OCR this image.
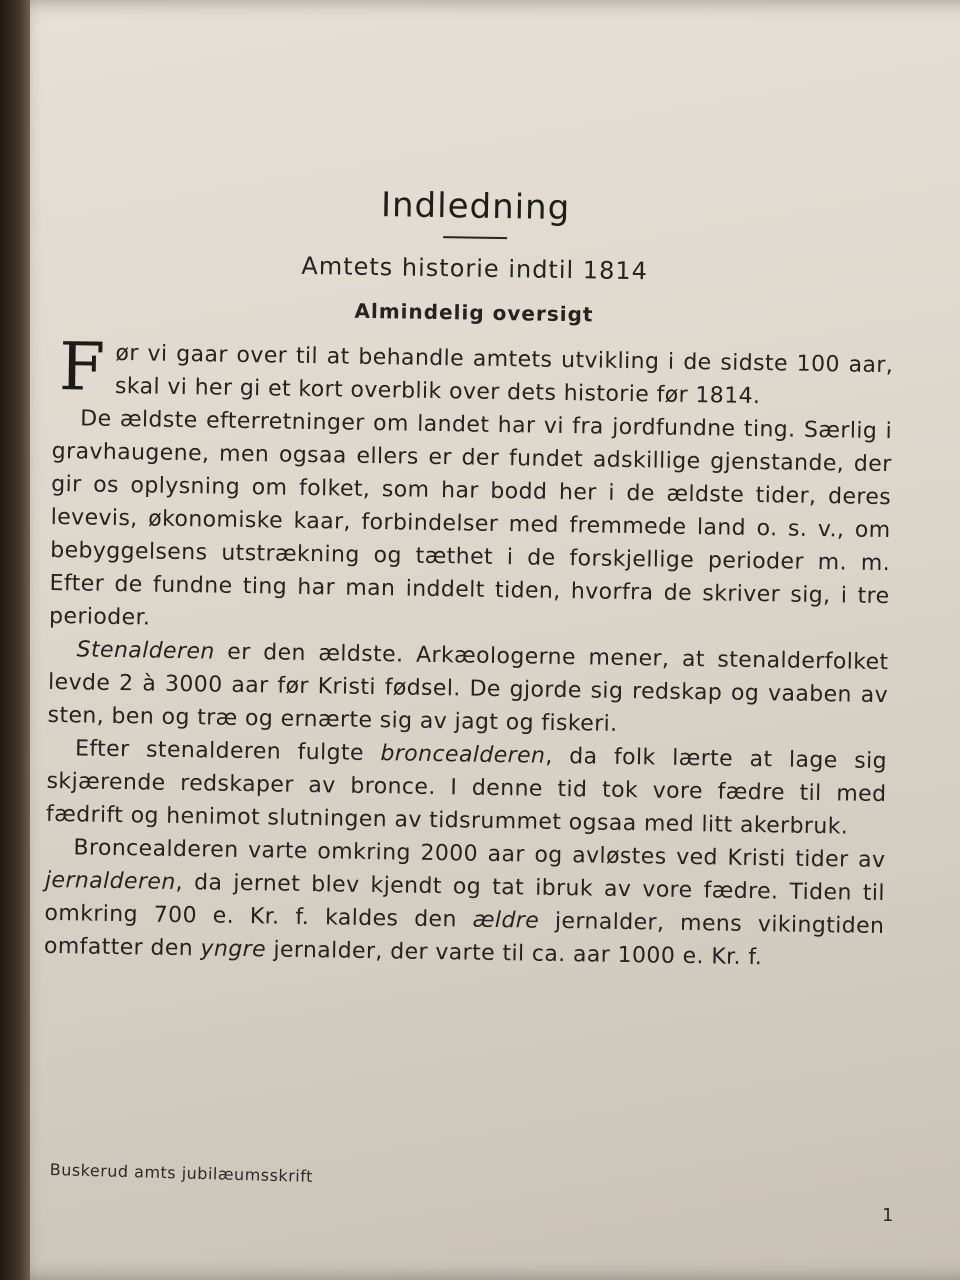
Indledning
Amtets historie indtil 1814
Almindelig oversigt

Før vi gaar over til at behandle amtets utvikling i de sidste 100 aar, skal vi her gi et kort overblik over dets historie før 1814.

De ældste efterretninger om landet har vi fra jordfundne ting. Særlig i gravhaugene, men ogsaa ellers er der fundet adskillige gjenstande, der gir os oplysning om folket, som har bodd her i de ældste tider, deres levevis, økonomiske kaar, forbindelser med fremmede land o. s. v., om bebyggelsens utstrækning og tæthet i de forskjellige perioder m. m. Efter de fundne ting har man inddelt tiden, hvorfra de skriver sig, i tre perioder.

Stenalderen er den ældste. Arkæologerne mener, at stenalderfolket levde 2 à 3000 aar før Kristi fødsel. De gjorde sig redskap og vaaben av sten, ben og træ og ernærte sig av jagt og fiskeri.

Efter stenalderen fulgte broncealderen, da folk lærte at lage sig skjærende redskaper av bronce. I denne tid tok vore fædre til med fædrift og henimot slutningen av tidsrummet ogsaa med litt akerbruk.

Broncealderen varte omkring 2000 aar og avløstes ved Kristi tider av jernalderen, da jernet blev kjendt og tat ibruk av vore fædre. Tiden til omkring 700 e. Kr. f. kaldes den ældre jernalder, mens vikingtiden omfatter den yngre jernalder, der varte til ca. aar 1000 e. Kr. f.

Buskerud amts jubilæumsskrift
1
